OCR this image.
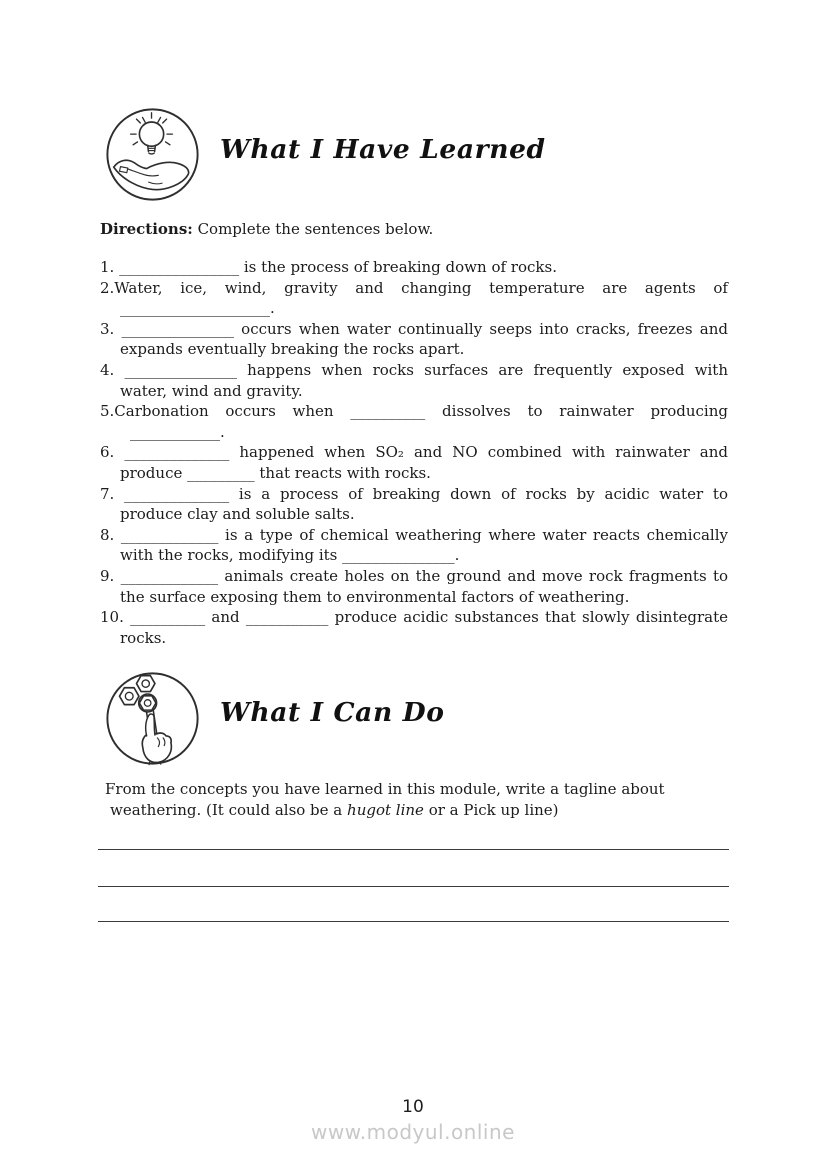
What I Have Learned
Directions: Complete the sentences below.
1. ________________ is the process of breaking down of rocks.
2.Water, ice, wind, gravity and changing temperature are agents of
____________________.
3. _______________ occurs when water continually seeps into cracks, freezes and
expands eventually breaking the rocks apart.
4. _______________ happens when rocks surfaces are frequently exposed with
water, wind and gravity.
5.Carbonation occurs when __________ dissolves to rainwater producing
____________.
6. ______________ happened when SO₂ and NO combined with rainwater and
produce _________ that reacts with rocks.
7. ______________ is a process of breaking down of rocks by acidic water to
produce clay and soluble salts.
8. _____________ is a type of chemical weathering where water reacts chemically
with the rocks, modifying its _______________.
9. _____________ animals create holes on the ground and move rock fragments to
the surface exposing them to environmental factors of weathering.
10. __________ and ___________ produce acidic substances that slowly disintegrate
rocks.
What I Can Do
From the concepts you have learned in this module, write a tagline about
weathering. (It could also be a hugot line or a Pick up line)
10
www.modyul.online
